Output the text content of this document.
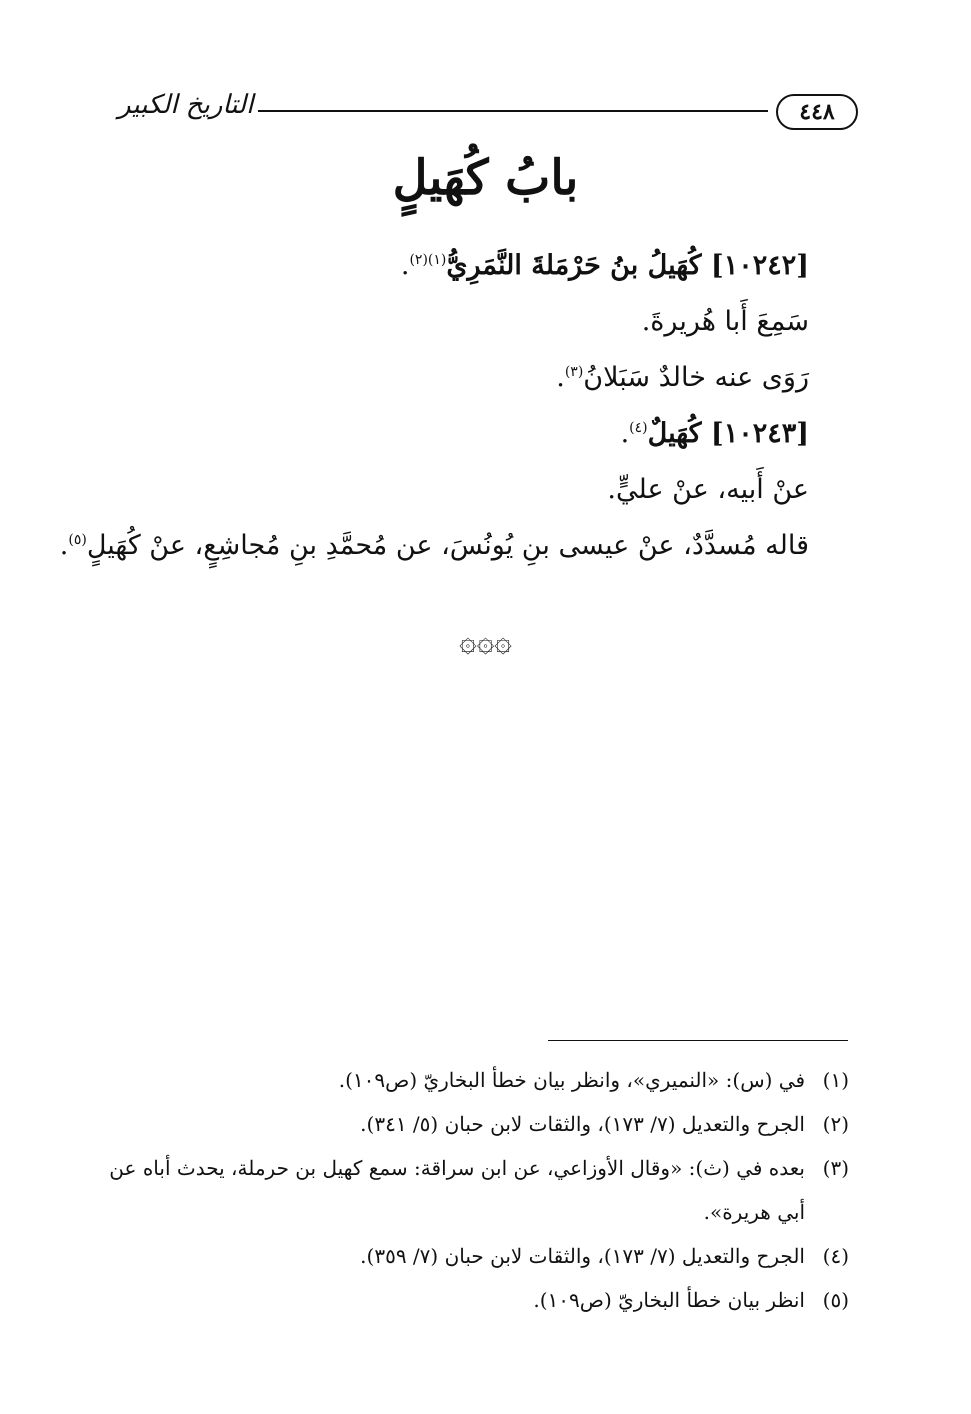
التاريخ الكبير	٤٤٨
بابُ كُهَيلٍ
[١٠٢٤٢] كُهَيلُ بنُ حَرْمَلةَ النَّمَرِيُّ$^{(١)(٢)}$.
سَمِعَ أَبا هُريرةَ.
رَوَى عنه خالدٌ سَبَلانُ$^{(٣)}$.
[١٠٢٤٣] كُهَيلٌ$^{(٤)}$.
عنْ أَبيه، عنْ عليٍّ.
قاله مُسدَّدٌ، عنْ عيسى بنِ يُونُسَ، عن مُحمَّدِ بنِ مُجاشِعٍ، عنْ كُهَيلٍ$^{(٥)}$.
۞۞۞
(١)
في (س): «النميري»، وانظر بيان خطأ البخاريّ (ص١٠٩).
(٢)
الجرح والتعديل (٧/ ١٧٣)، والثقات لابن حبان (٥/ ٣٤١).
(٣)
بعده في (ث): «وقال الأوزاعي، عن ابن سراقة: سمع كهيل بن حرملة، يحدث أباه عن أبي هريرة».
(٤)
الجرح والتعديل (٧/ ١٧٣)، والثقات لابن حبان (٧/ ٣٥٩).
(٥)
انظر بيان خطأ البخاريّ (ص١٠٩).
